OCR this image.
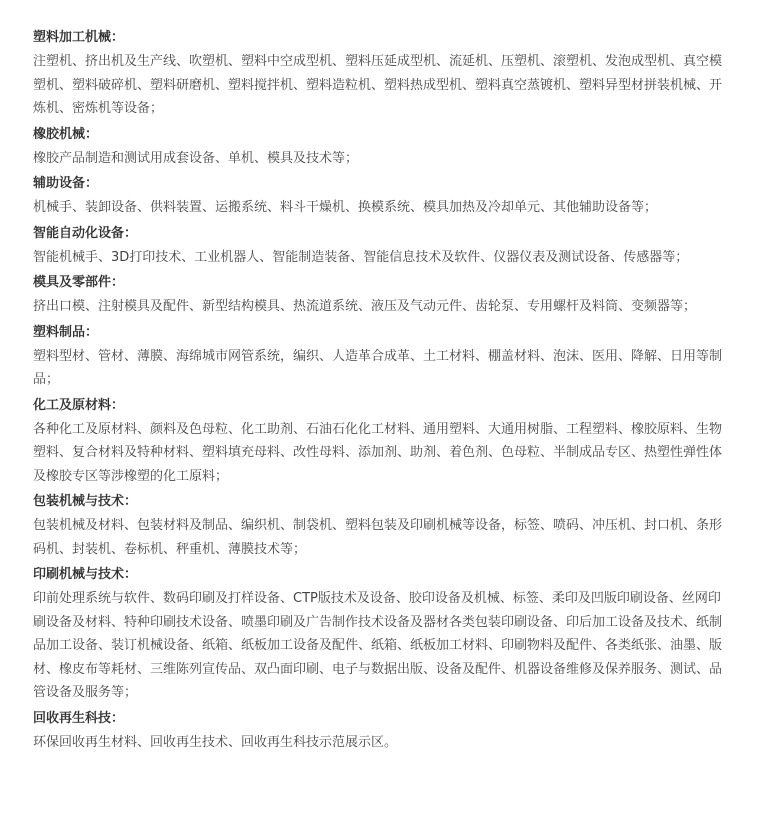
塑料加工机械：

注塑机、挤出机及生产线、吹塑机、塑料中空成型机、塑料压延成型机、流延机、压塑机、滚塑机、发泡成型机、真空模塑机、塑料破碎机、塑料研磨机、塑料搅拌机、塑料造粒机、塑料热成型机、塑料真空蒸镀机、塑料异型材拼装机械、开炼机、密炼机等设备；

橡胶机械：

橡胶产品制造和测试用成套设备、单机、模具及技术等；

辅助设备：

机械手、装卸设备、供料装置、运搬系统、料斗干燥机、换模系统、模具加热及冷却单元、其他辅助设备等；

智能自动化设备：

智能机械手、3D打印技术、工业机器人、智能制造装备、智能信息技术及软件、仪器仪表及测试设备、传感器等；

模具及零部件：

挤出口模、注射模具及配件、新型结构模具、热流道系统、液压及气动元件、齿轮泵、专用螺杆及料筒、变频器等；

塑料制品：

塑料型材、管材、薄膜、海绵城市网管系统，编织、人造革合成革、土工材料、棚盖材料、泡沫、医用、降解、日用等制品；

化工及原材料：

各种化工及原材料、颜料及色母粒、化工助剂、石油石化化工材料、通用塑料、大通用树脂、工程塑料、橡胶原料、生物塑料、复合材料及特种材料、塑料填充母料、改性母料、添加剂、助剂、着色剂、色母粒、半制成品专区、热塑性弹性体及橡胶专区等涉橡塑的化工原料；

包装机械与技术：

包装机械及材料、包装材料及制品、编织机、制袋机、塑料包装及印刷机械等设备，标签、喷码、冲压机、封口机、条形码机、封装机、卷标机、秤重机、薄膜技术等；

印刷机械与技术：

印前处理系统与软件、数码印刷及打样设备、CTP版技术及设备、胶印设备及机械、标签、柔印及凹版印刷设备、丝网印刷设备及材料、特种印刷技术设备、喷墨印刷及广告制作技术设备及器材各类包装印刷设备、印后加工设备及技术、纸制品加工设备、装订机械设备、纸箱、纸板加工设备及配件、纸箱、纸板加工材料、印刷物料及配件、各类纸张、油墨、版材、橡皮布等耗材、三维陈列宣传品、双凸面印刷、电子与数据出版、设备及配件、机器设备维修及保养服务、测试、品管设备及服务等；

回收再生科技：

环保回收再生材料、回收再生技术、回收再生科技示范展示区。
